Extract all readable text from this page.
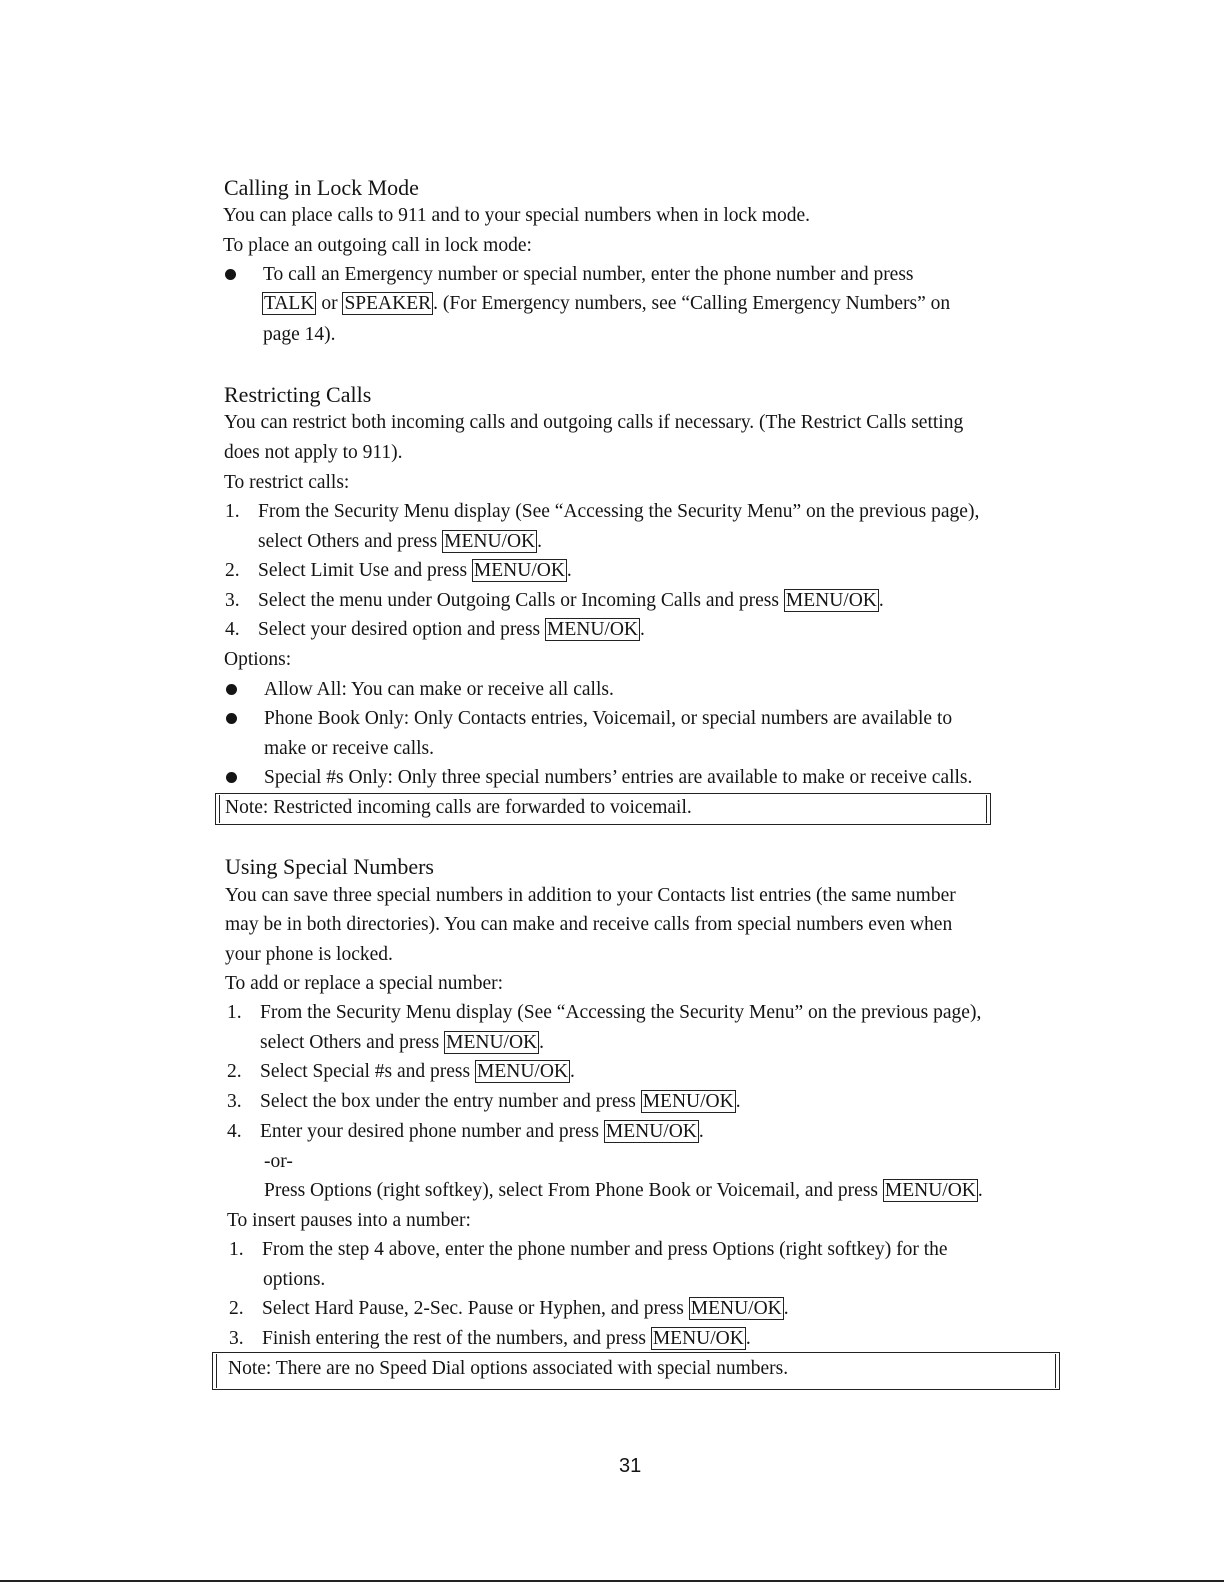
Calling in Lock Mode
You can place calls to 911 and to your special numbers when in lock mode.
To place an outgoing call in lock mode:
To call an Emergency number or special number, enter the phone number and press
TALK or SPEAKER . (For Emergency numbers, see “Calling Emergency Numbers” on
page 14).
Restricting Calls
You can restrict both incoming calls and outgoing calls if necessary. (The Restrict Calls setting
does not apply to 911).
To restrict calls:
1. From the Security Menu display (See “Accessing the Security Menu” on the previous page),
select Others and press MENU/OK .
2. Select Limit Use and press MENU/OK .
3. Select the menu under Outgoing Calls or Incoming Calls and press MENU/OK .
4. Select your desired option and press MENU/OK .
Options:
Allow All: You can make or receive all calls.
Phone Book Only: Only Contacts entries, Voicemail, or special numbers are available to
make or receive calls.
Special #s Only: Only three special numbers’ entries are available to make or receive calls.
Note: Restricted incoming calls are forwarded to voicemail.
Using Special Numbers
You can save three special numbers in addition to your Contacts list entries (the same number
may be in both directories). You can make and receive calls from special numbers even when
your phone is locked.
To add or replace a special number:
1. From the Security Menu display (See “Accessing the Security Menu” on the previous page),
select Others and press MENU/OK .
2. Select Special #s and press MENU/OK .
3. Select the box under the entry number and press MENU/OK .
4. Enter your desired phone number and press MENU/OK .
-or-
Press Options (right softkey), select From Phone Book or Voicemail, and press MENU/OK .
To insert pauses into a number:
1. From the step 4 above, enter the phone number and press Options (right softkey) for the
options.
2. Select Hard Pause, 2-Sec. Pause or Hyphen, and press MENU/OK .
3. Finish entering the rest of the numbers, and press MENU/OK .
Note: There are no Speed Dial options associated with special numbers.
31
